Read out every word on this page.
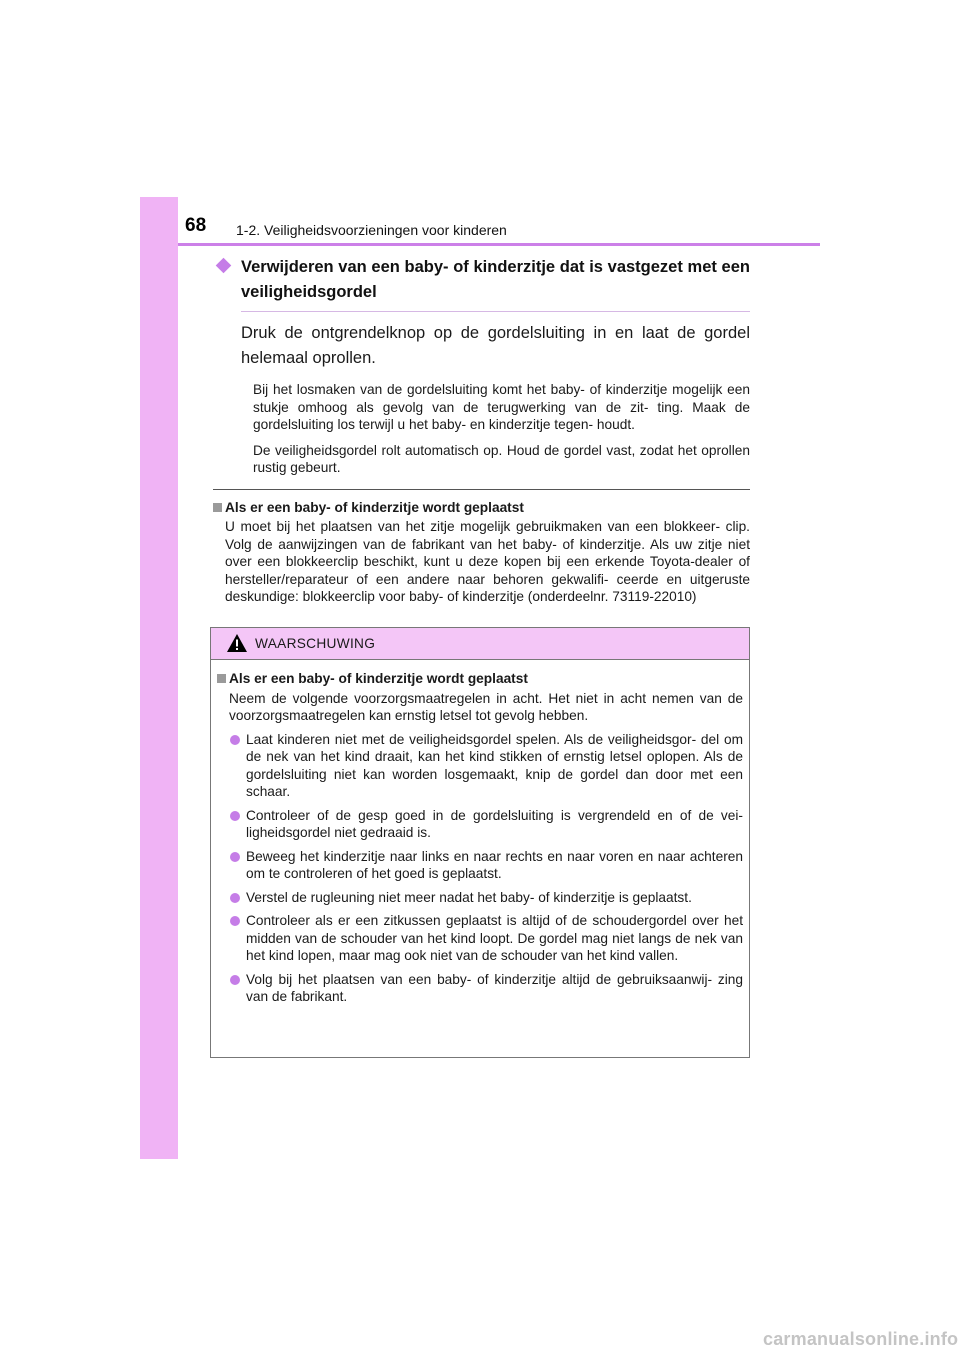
68 1-2. Veiligheidsvoorzieningen voor kinderen
Verwijderen van een baby- of kinderzitje dat is vastgezet met een veiligheidsgordel
Druk de ontgrendelknop op de gordelsluiting in en laat de gordel helemaal oprollen.
Bij het losmaken van de gordelsluiting komt het baby- of kinderzitje mogelijk een stukje omhoog als gevolg van de terugwerking van de zit- ting. Maak de gordelsluiting los terwijl u het baby- en kinderzitje tegen- houdt.
De veiligheidsgordel rolt automatisch op. Houd de gordel vast, zodat het oprollen rustig gebeurt.
Als er een baby- of kinderzitje wordt geplaatst
U moet bij het plaatsen van het zitje mogelijk gebruikmaken van een blokkeer- clip. Volg de aanwijzingen van de fabrikant van het baby- of kinderzitje. Als uw zitje niet over een blokkeerclip beschikt, kunt u deze kopen bij een erkende Toyota-dealer of hersteller/reparateur of een andere naar behoren gekwalifi- ceerde en uitgeruste deskundige: blokkeerclip voor baby- of kinderzitje (onderdeelnr. 73119-22010)
WAARSCHUWING
Als er een baby- of kinderzitje wordt geplaatst
Neem de volgende voorzorgsmaatregelen in acht. Het niet in acht nemen van de voorzorgsmaatregelen kan ernstig letsel tot gevolg hebben.
Laat kinderen niet met de veiligheidsgordel spelen. Als de veiligheidsgor- del om de nek van het kind draait, kan het kind stikken of ernstig letsel oplopen. Als de gordelsluiting niet kan worden losgemaakt, knip de gordel dan door met een schaar.
Controleer of de gesp goed in de gordelsluiting is vergrendeld en of de vei- ligheidsgordel niet gedraaid is.
Beweeg het kinderzitje naar links en naar rechts en naar voren en naar achteren om te controleren of het goed is geplaatst.
Verstel de rugleuning niet meer nadat het baby- of kinderzitje is geplaatst.
Controleer als er een zitkussen geplaatst is altijd of de schoudergordel over het midden van de schouder van het kind loopt. De gordel mag niet langs de nek van het kind lopen, maar mag ook niet van de schouder van het kind vallen.
Volg bij het plaatsen van een baby- of kinderzitje altijd de gebruiksaanwij- zing van de fabrikant.
carmanualsonline.info
